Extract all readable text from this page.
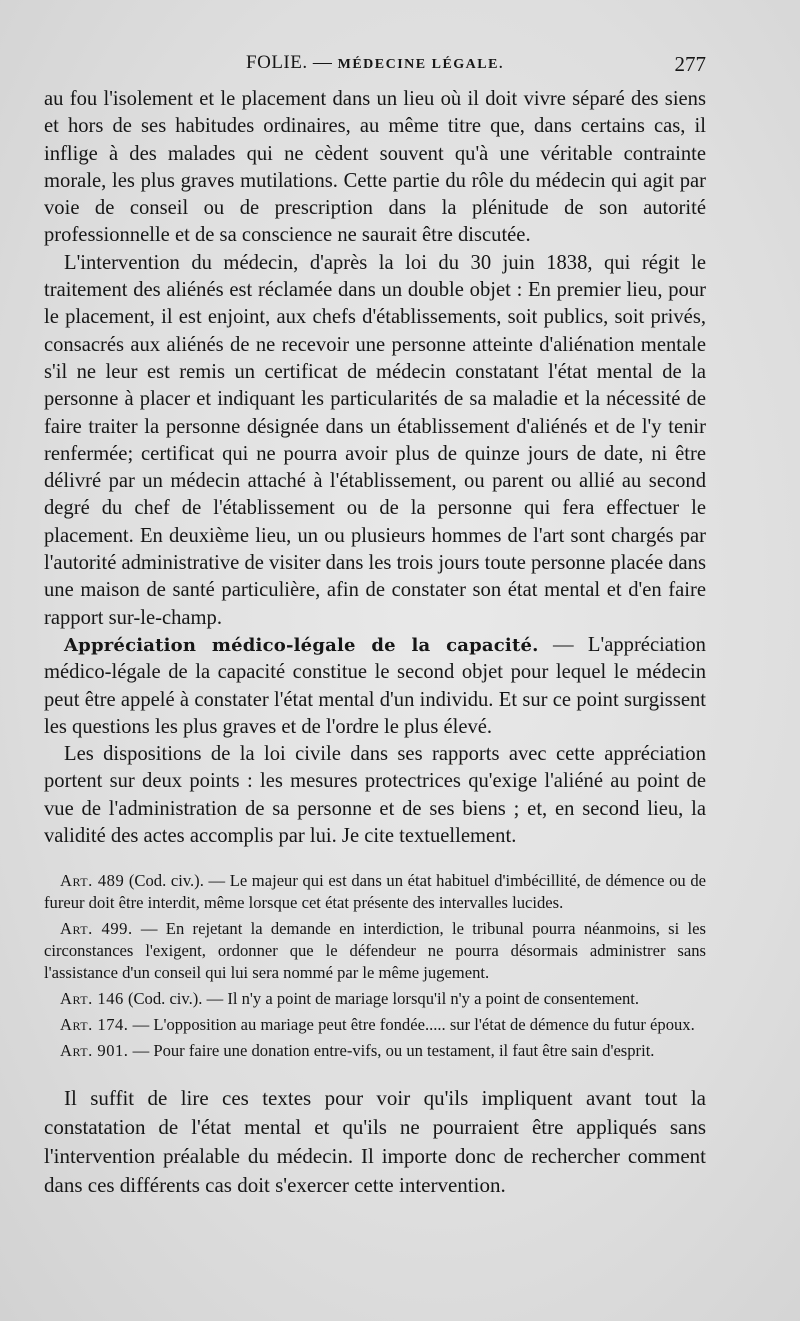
FOLIE. — MÉDECINE LÉGALE.	277

au fou l'isolement et le placement dans un lieu où il doit vivre séparé des siens et hors de ses habitudes ordinaires, au même titre que, dans certains cas, il inflige à des malades qui ne cèdent souvent qu'à une véritable contrainte morale, les plus graves mutilations. Cette partie du rôle du médecin qui agit par voie de conseil ou de prescription dans la plénitude de son autorité professionnelle et de sa conscience ne saurait être discutée.

L'intervention du médecin, d'après la loi du 30 juin 1838, qui régit le traitement des aliénés est réclamée dans un double objet : En premier lieu, pour le placement, il est enjoint, aux chefs d'établissements, soit publics, soit privés, consacrés aux aliénés de ne recevoir une personne atteinte d'aliénation mentale s'il ne leur est remis un certificat de médecin constatant l'état mental de la personne à placer et indiquant les particularités de sa maladie et la nécessité de faire traiter la personne désignée dans un établissement d'aliénés et de l'y tenir renfermée; certificat qui ne pourra avoir plus de quinze jours de date, ni être délivré par un médecin attaché à l'établissement, ou parent ou allié au second degré du chef de l'établissement ou de la personne qui fera effectuer le placement. En deuxième lieu, un ou plusieurs hommes de l'art sont chargés par l'autorité administrative de visiter dans les trois jours toute personne placée dans une maison de santé particulière, afin de constater son état mental et d'en faire rapport sur-le-champ.

Appréciation médico-légale de la capacité. — L'appréciation médico-légale de la capacité constitue le second objet pour lequel le médecin peut être appelé à constater l'état mental d'un individu. Et sur ce point surgissent les questions les plus graves et de l'ordre le plus élevé.

Les dispositions de la loi civile dans ses rapports avec cette appréciation portent sur deux points : les mesures protectrices qu'exige l'aliéné au point de vue de l'administration de sa personne et de ses biens ; et, en second lieu, la validité des actes accomplis par lui. Je cite textuellement.

Art. 489 (Cod. civ.). — Le majeur qui est dans un état habituel d'imbécillité, de démence ou de fureur doit être interdit, même lorsque cet état présente des intervalles lucides.

Art. 499. — En rejetant la demande en interdiction, le tribunal pourra néanmoins, si les circonstances l'exigent, ordonner que le défendeur ne pourra désormais administrer sans l'assistance d'un conseil qui lui sera nommé par le même jugement.

Art. 146 (Cod. civ.). — Il n'y a point de mariage lorsqu'il n'y a point de consentement.

Art. 174. — L'opposition au mariage peut être fondée..... sur l'état de démence du futur époux.

Art. 901. — Pour faire une donation entre-vifs, ou un testament, il faut être sain d'esprit.

Il suffit de lire ces textes pour voir qu'ils impliquent avant tout la constatation de l'état mental et qu'ils ne pourraient être appliqués sans l'intervention préalable du médecin. Il importe donc de rechercher comment dans ces différents cas doit s'exercer cette intervention.
